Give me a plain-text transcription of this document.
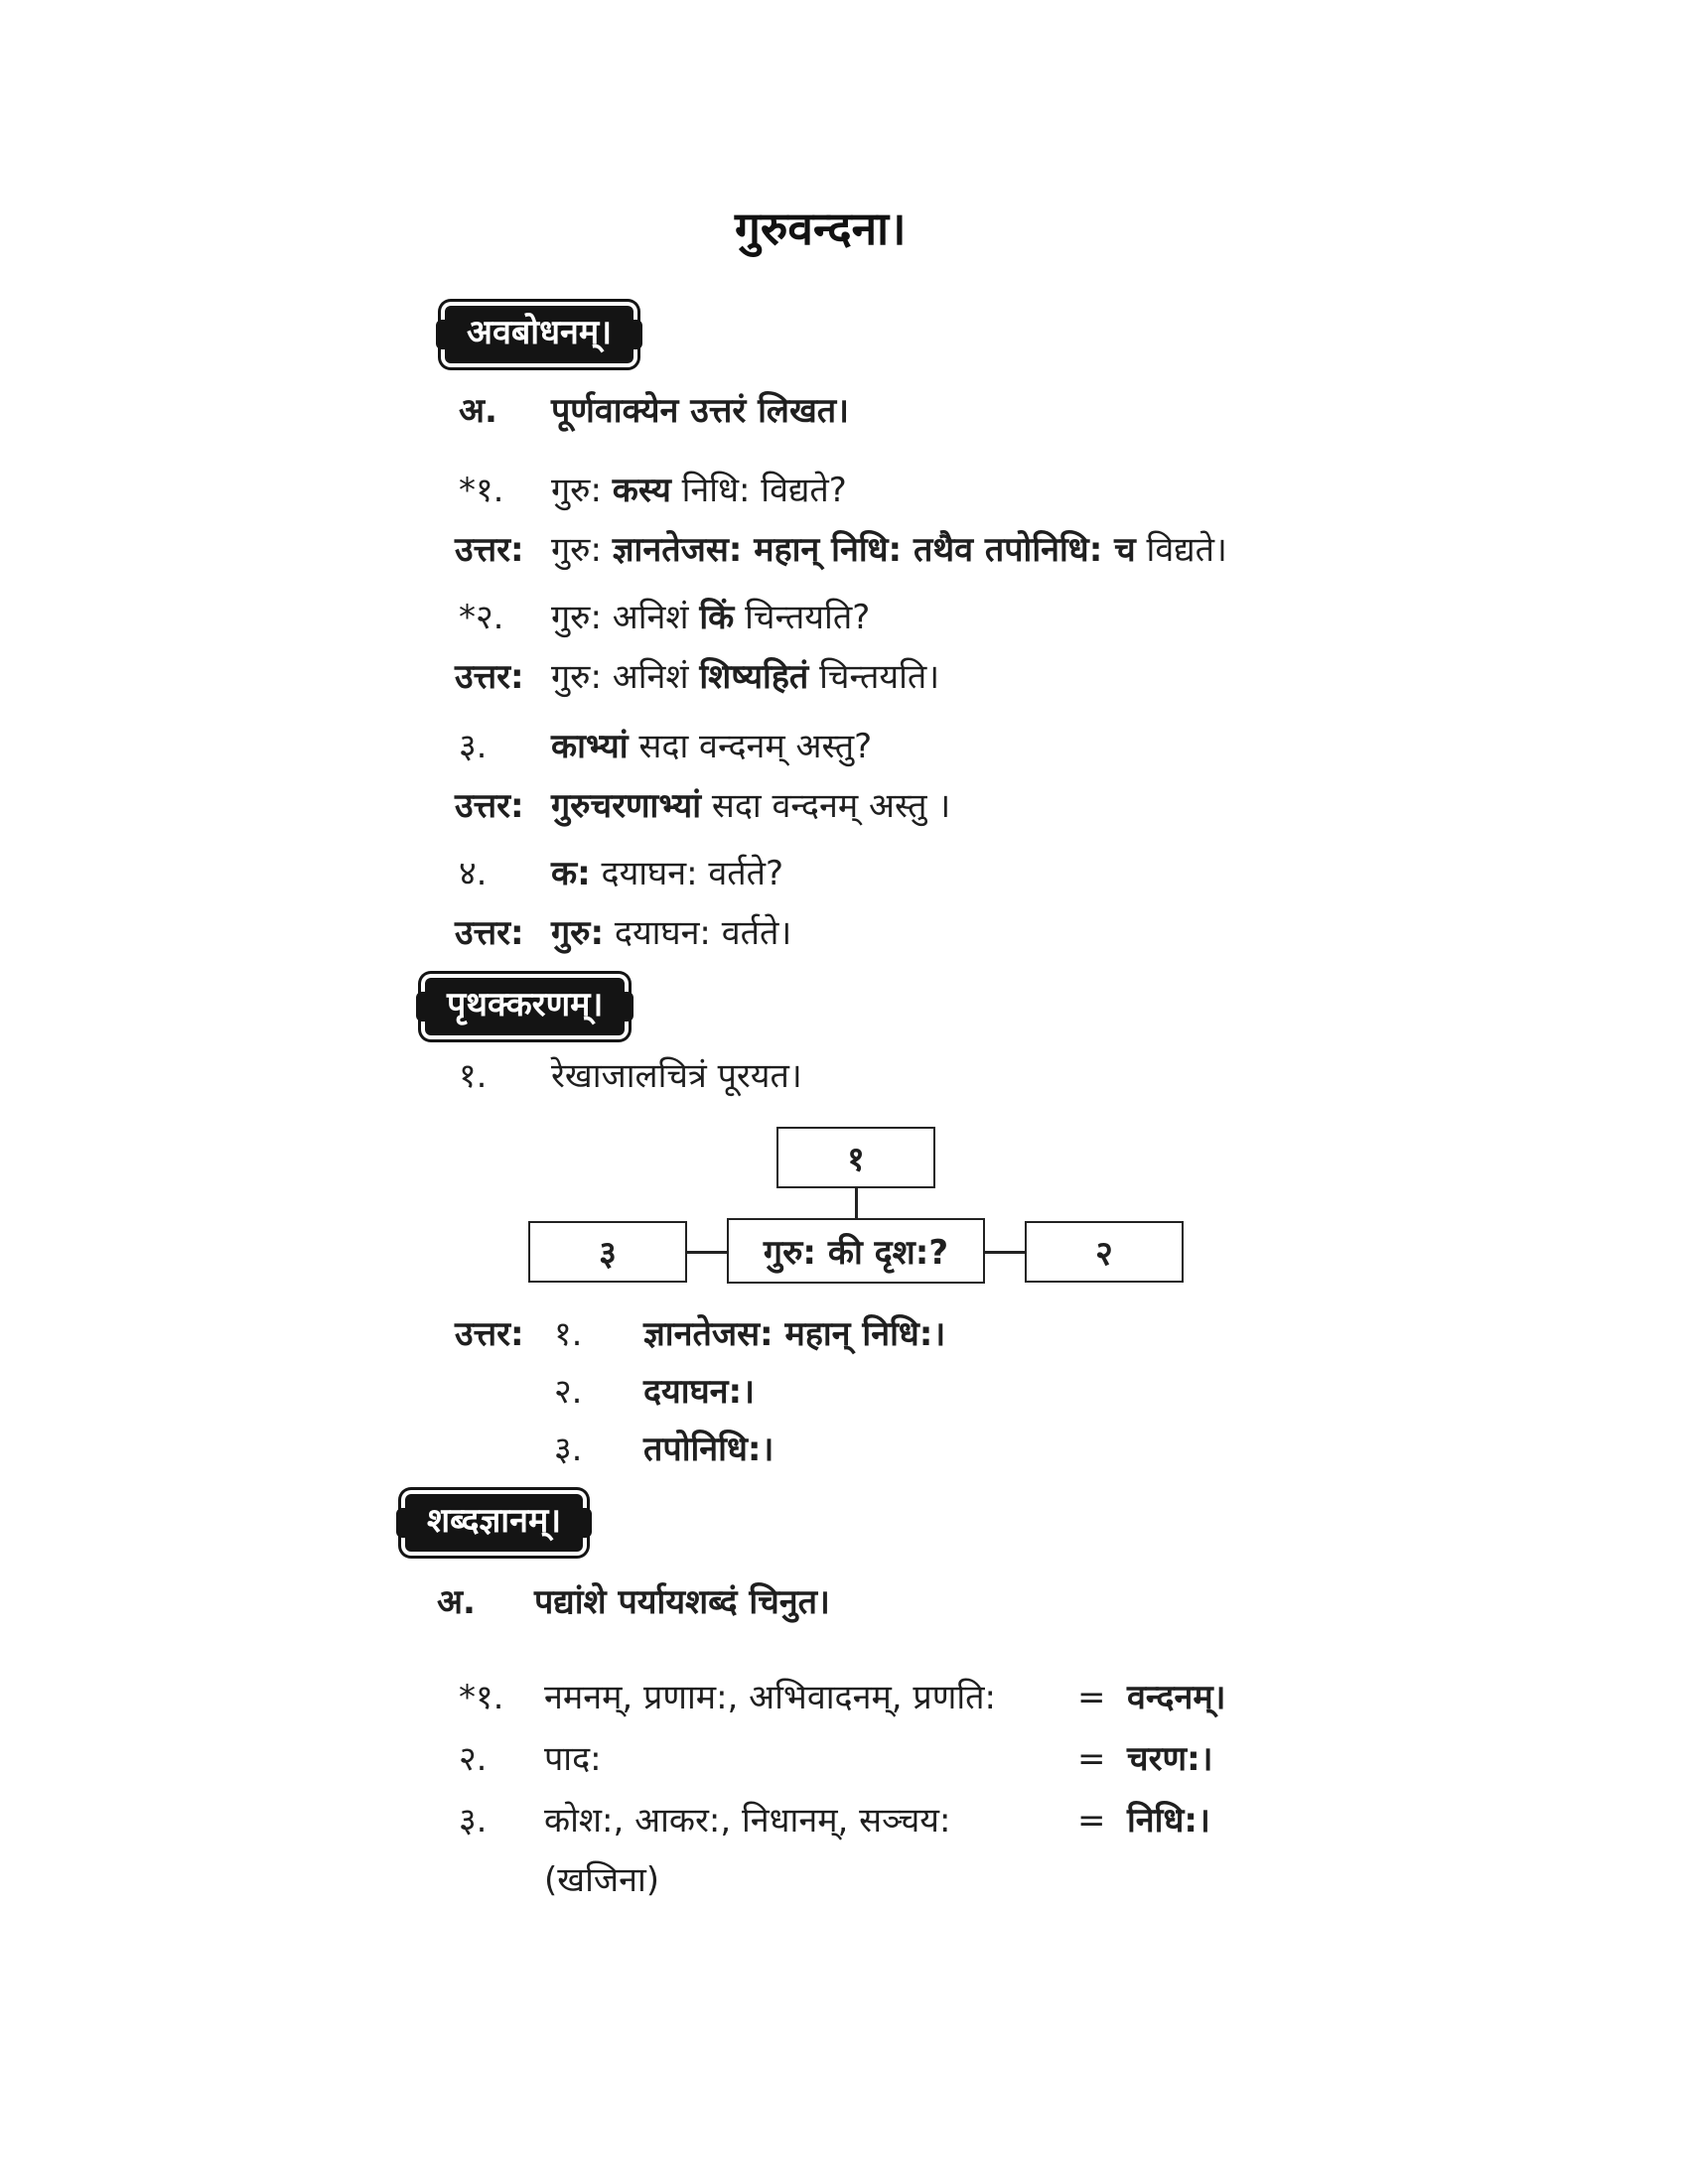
गुरुवन्दना।
अवबोधनम्।
अ. पूर्णवाक्येन उत्तरं लिखत।
*१. गुरु: कस्य निधि: विद्यते?
उत्तर: गुरु: ज्ञानतेजस: महान् निधि: तथैव तपोनिधि: च विद्यते।
*२. गुरु: अनिशं किं चिन्तयति?
उत्तर: गुरु: अनिशं शिष्यहितं चिन्तयति।
३. काभ्यां सदा वन्दनम् अस्तु?
उत्तर: गुरुचरणाभ्यां सदा वन्दनम् अस्तु ।
४. क: दयाघन: वर्तते?
उत्तर: गुरु: दयाघन: वर्तते।
पृथक्करणम्।
१. रेखाजालचित्रं पूरयत।
१
गुरु: की दृश:?
३	२
उत्तर: १. ज्ञानतेजस: महान् निधि:।
२. दयाघन:।
३. तपोनिधि:।
शब्दज्ञानम्।
अ. पद्यांशे पर्यायशब्दं चिनुत।
*१. नमनम्, प्रणाम:, अभिवादनम्, प्रणति: = वन्दनम्।
२. पाद:	= चरण:।
३. कोश:, आकर:, निधानम्, सञ्चय:	= निधि:।
(खजिना)
